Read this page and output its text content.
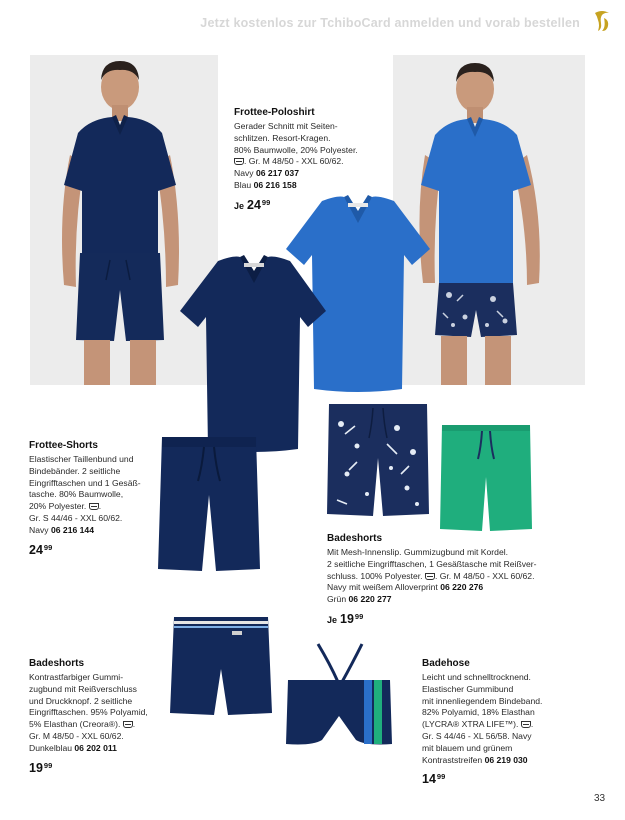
Jetzt kostenlos zur TchiboCard anmelden und vorab bestellen
Frottee-Poloshirt
Gerader Schnitt mit Seiten-
schlitzen. Resort-Kragen.
80% Baumwolle, 20% Polyester.
. Gr. M 48/50 - XXL 60/62.
Navy 06 217 037
Blau 06 216 158
Je $24^{99}$
Frottee-Shorts
Elastischer Taillenbund und
Bindebänder. 2 seitliche
Eingrifftaschen und 1 Gesäß-
tasche. 80% Baumwolle,
20% Polyester. .
Gr. S 44/46 - XXL 60/62.
Navy 06 216 144
$24^{99}$
Badeshorts
Mit Mesh-Innenslip. Gummizugbund mit Kordel.
2 seitliche Eingrifftaschen, 1 Gesäßtasche mit Reißver-
schluss. 100% Polyester. . Gr. M 48/50 - XXL 60/62.
Navy mit weißem Alloverprint 06 220 276
Grün 06 220 277
Je $19^{99}$
Badeshorts
Kontrastfarbiger Gummi-
zugbund mit Reißverschluss
und Druckknopf. 2 seitliche
Eingrifftaschen. 95% Polyamid,
5% Elasthan (Creora®). .
Gr. M 48/50 - XXL 60/62.
Dunkelblau 06 202 011
$19^{99}$
Badehose
Leicht und schnelltrocknend.
Elastischer Gummibund
mit innenliegendem Bindeband.
82% Polyamid, 18% Elasthan
(LYCRA® XTRA LIFE™). .
Gr. S 44/46 - XL 56/58. Navy
mit blauem und grünem
Kontraststreifen 06 219 030
$14^{99}$
33
